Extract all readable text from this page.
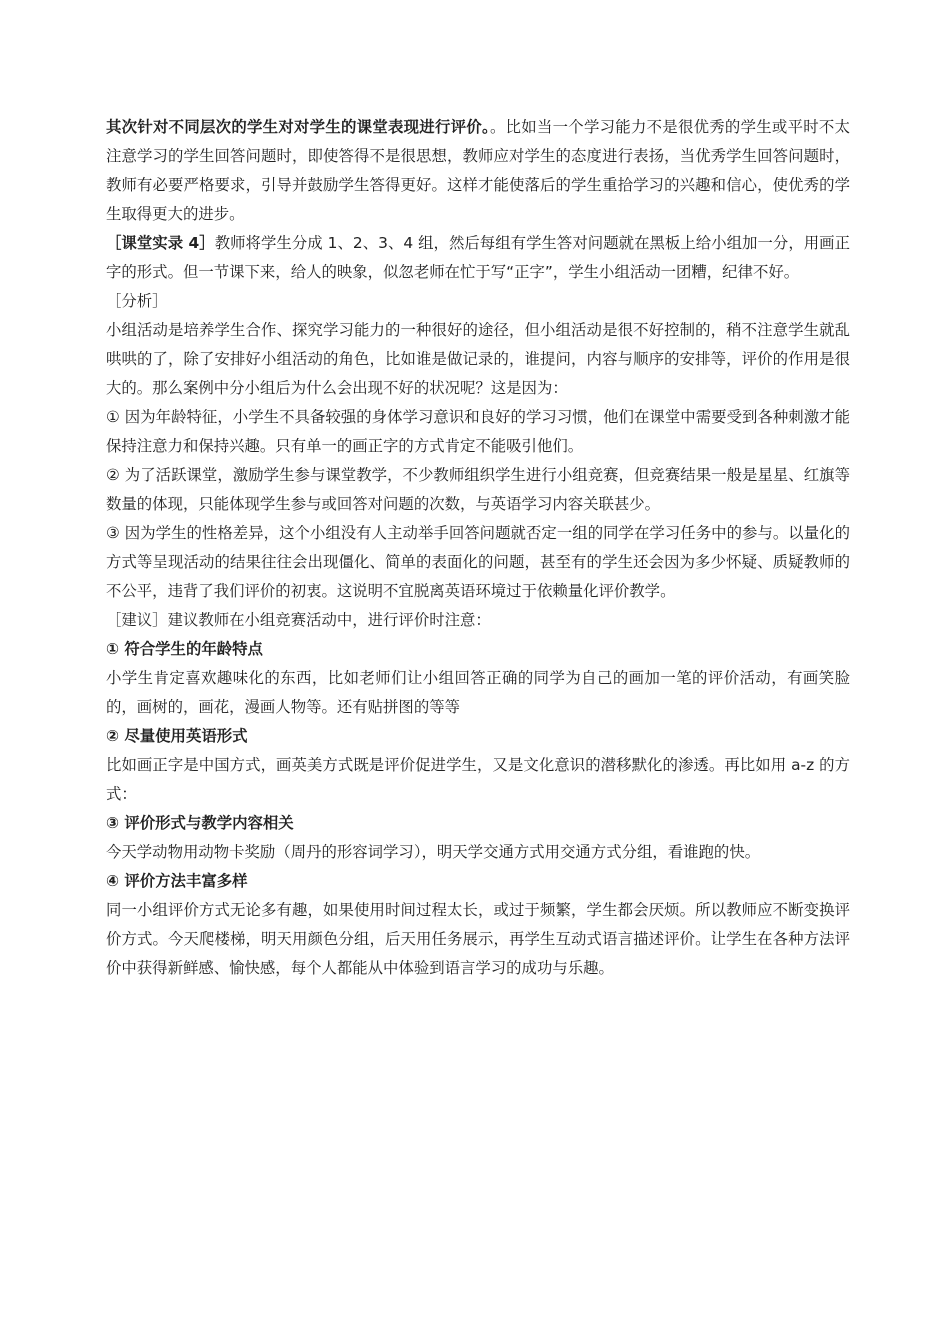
其次针对不同层次的学生对对学生的课堂表现进行评价。。比如当一个学习能力不是很优秀的学生或平时不太注意学习的学生回答问题时，即使答得不是很思想，教师应对学生的态度进行表扬，当优秀学生回答问题时，教师有必要严格要求，引导并鼓励学生答得更好。这样才能使落后的学生重拾学习的兴趣和信心，使优秀的学生取得更大的进步。

［课堂实录 4］教师将学生分成 1、2、3、4 组，然后每组有学生答对问题就在黑板上给小组加一分，用画正字的形式。但一节课下来，给人的映象，似忽老师在忙于写“正字”，学生小组活动一团糟，纪律不好。

［分析］

小组活动是培养学生合作、探究学习能力的一种很好的途径，但小组活动是很不好控制的，稍不注意学生就乱哄哄的了，除了安排好小组活动的角色，比如谁是做记录的，谁提问，内容与顺序的安排等，评价的作用是很大的。那么案例中分小组后为什么会出现不好的状况呢？这是因为：

① 因为年龄特征，小学生不具备较强的身体学习意识和良好的学习习惯，他们在课堂中需要受到各种刺激才能保持注意力和保持兴趣。只有单一的画正字的方式肯定不能吸引他们。

② 为了活跃课堂，激励学生参与课堂教学，不少教师组织学生进行小组竞赛，但竞赛结果一般是星星、红旗等数量的体现，只能体现学生参与或回答对问题的次数，与英语学习内容关联甚少。

③ 因为学生的性格差异，这个小组没有人主动举手回答问题就否定一组的同学在学习任务中的参与。以量化的方式等呈现活动的结果往往会出现僵化、简单的表面化的问题，甚至有的学生还会因为多少怀疑、质疑教师的不公平，违背了我们评价的初衷。这说明不宜脱离英语环境过于依赖量化评价教学。

［建议］建议教师在小组竞赛活动中，进行评价时注意：

① 符合学生的年龄特点

小学生肯定喜欢趣味化的东西，比如老师们让小组回答正确的同学为自己的画加一笔的评价活动，有画笑脸的，画树的，画花，漫画人物等。还有贴拼图的等等

② 尽量使用英语形式

比如画正字是中国方式，画英美方式既是评价促进学生，又是文化意识的潜移默化的渗透。再比如用 a-z 的方式：

③ 评价形式与教学内容相关

今天学动物用动物卡奖励（周丹的形容词学习），明天学交通方式用交通方式分组，看谁跑的快。

④ 评价方法丰富多样

同一小组评价方式无论多有趣，如果使用时间过程太长，或过于频繁，学生都会厌烦。所以教师应不断变换评价方式。今天爬楼梯，明天用颜色分组，后天用任务展示，再学生互动式语言描述评价。让学生在各种方法评价中获得新鲜感、愉快感，每个人都能从中体验到语言学习的成功与乐趣。
